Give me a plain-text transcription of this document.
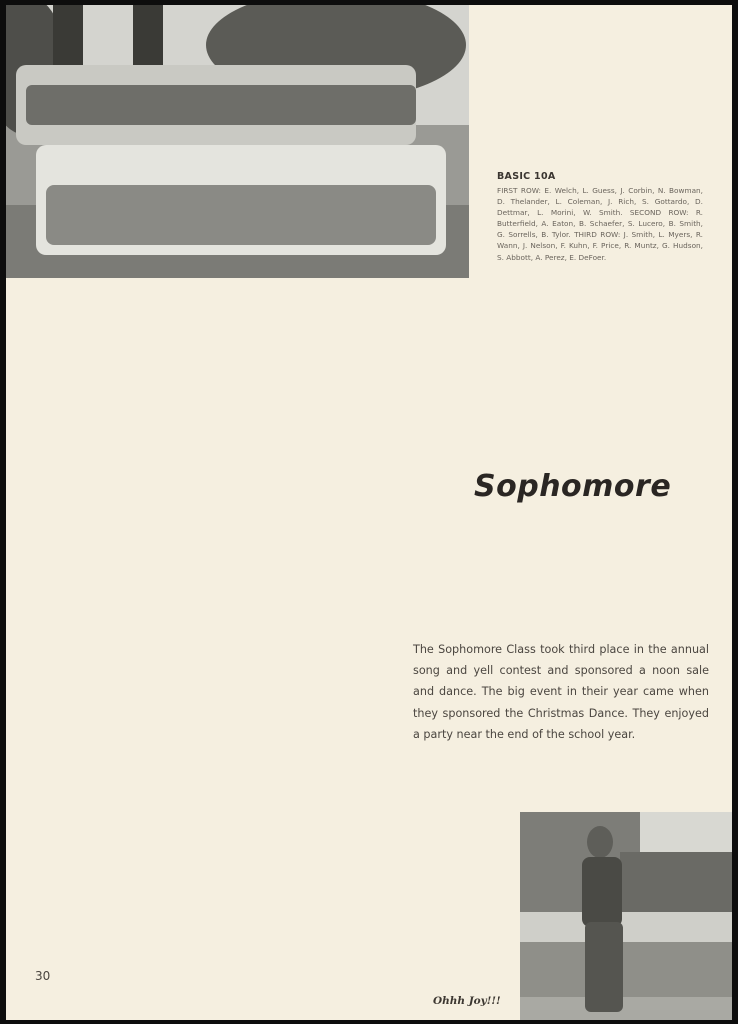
BASIC 10A

FIRST ROW: E. Welch, L. Guess, J. Corbin, N. Bowman, D. Thelander, L. Coleman, J. Rich, S. Gottardo, D. Dettmar, L. Morini, W. Smith. SECOND ROW: R. Butterfield, A. Eaton, B. Schaefer, S. Lucero, B. Smith, G. Sorrells, B. Tylor. THIRD ROW: J. Smith, L. Myers, R. Wann, J. Nelson, F. Kuhn, F. Price, R. Muntz, G. Hudson, S. Abbott, A. Perez, E. DeFoer.

Sophomore

The Sophomore Class took third place in the annual song and yell contest and sponsored a noon sale and dance. The big event in their year came when they sponsored the Christmas Dance. They enjoyed a party near the end of the school year.

Ohhh Joy!!!
30
